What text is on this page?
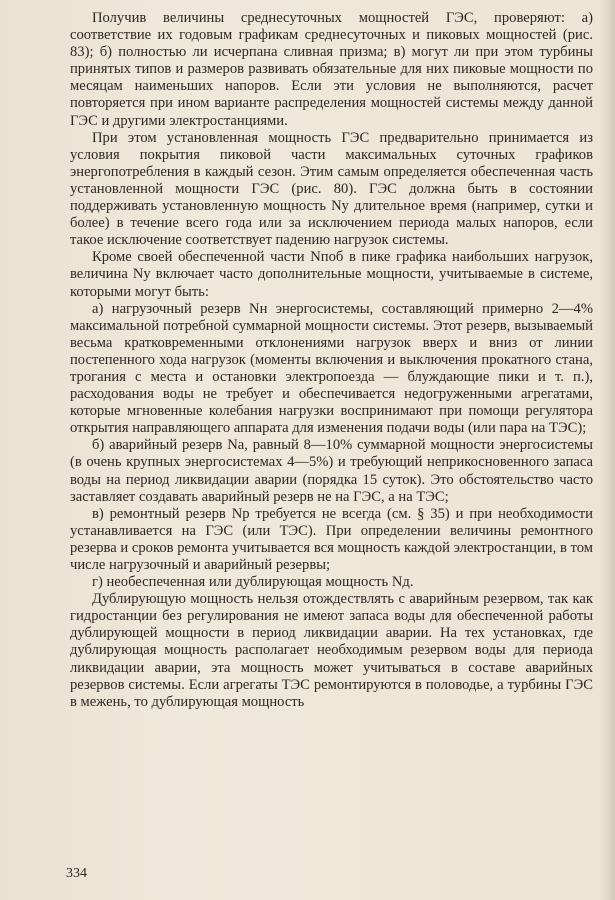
Получив величины среднесуточных мощностей ГЭС, проверяют: а) соответствие их годовым графикам среднесуточных и пиковых мощностей (рис. 83); б) полностью ли исчерпана сливная призма; в) могут ли при этом турбины принятых типов и размеров развивать обязательные для них пиковые мощности по месяцам наименьших напоров. Если эти условия не выполняются, расчет повторяется при ином варианте распределения мощностей системы между данной ГЭС и другими электростанциями.

При этом установленная мощность ГЭС предварительно принимается из условия покрытия пиковой части максимальных суточных графиков энергопотребления в каждый сезон. Этим самым определяется обеспеченная часть установленной мощности ГЭС (рис. 80). ГЭС должна быть в состоянии поддерживать установленную мощность Nу длительное время (например, сутки и более) в течение всего года или за исключением периода малых напоров, если такое исключение соответствует падению нагрузок системы.

Кроме своей обеспеченной части Nпоб в пике графика наибольших нагрузок, величина Nу включает часто дополнительные мощности, учитываемые в системе, которыми могут быть:

а) нагрузочный резерв Nн энергосистемы, составляющий примерно 2—4% максимальной потребной суммарной мощности системы. Этот резерв, вызываемый весьма кратковременными отклонениями нагрузок вверх и вниз от линии постепенного хода нагрузок (моменты включения и выключения прокатного стана, трогания с места и остановки электропоезда — блуждающие пики и т. п.), расходования воды не требует и обеспечивается недогруженными агрегатами, которые мгновенные колебания нагрузки воспринимают при помощи регулятора открытия направляющего аппарата для изменения подачи воды (или пара на ТЭС);

б) аварийный резерв Nа, равный 8—10% суммарной мощности энергосистемы (в очень крупных энергосистемах 4—5%) и требующий неприкосновенного запаса воды на период ликвидации аварии (порядка 15 суток). Это обстоятельство часто заставляет создавать аварийный резерв не на ГЭС, а на ТЭС;

в) ремонтный резерв Nр требуется не всегда (см. § 35) и при необходимости устанавливается на ГЭС (или ТЭС). При определении величины ремонтного резерва и сроков ремонта учитывается вся мощность каждой электростанции, в том числе нагрузочный и аварийный резервы;

г) необеспеченная или дублирующая мощность Nд.

Дублирующую мощность нельзя отождествлять с аварийным резервом, так как гидростанции без регулирования не имеют запаса воды для обеспеченной работы дублирующей мощности в период ликвидации аварии. На тех установках, где дублирующая мощность располагает необходимым резервом воды для периода ликвидации аварии, эта мощность может учитываться в составе аварийных резервов системы. Если агрегаты ТЭС ремонтируются в половодье, а турбины ГЭС в межень, то дублирующая мощность

334
